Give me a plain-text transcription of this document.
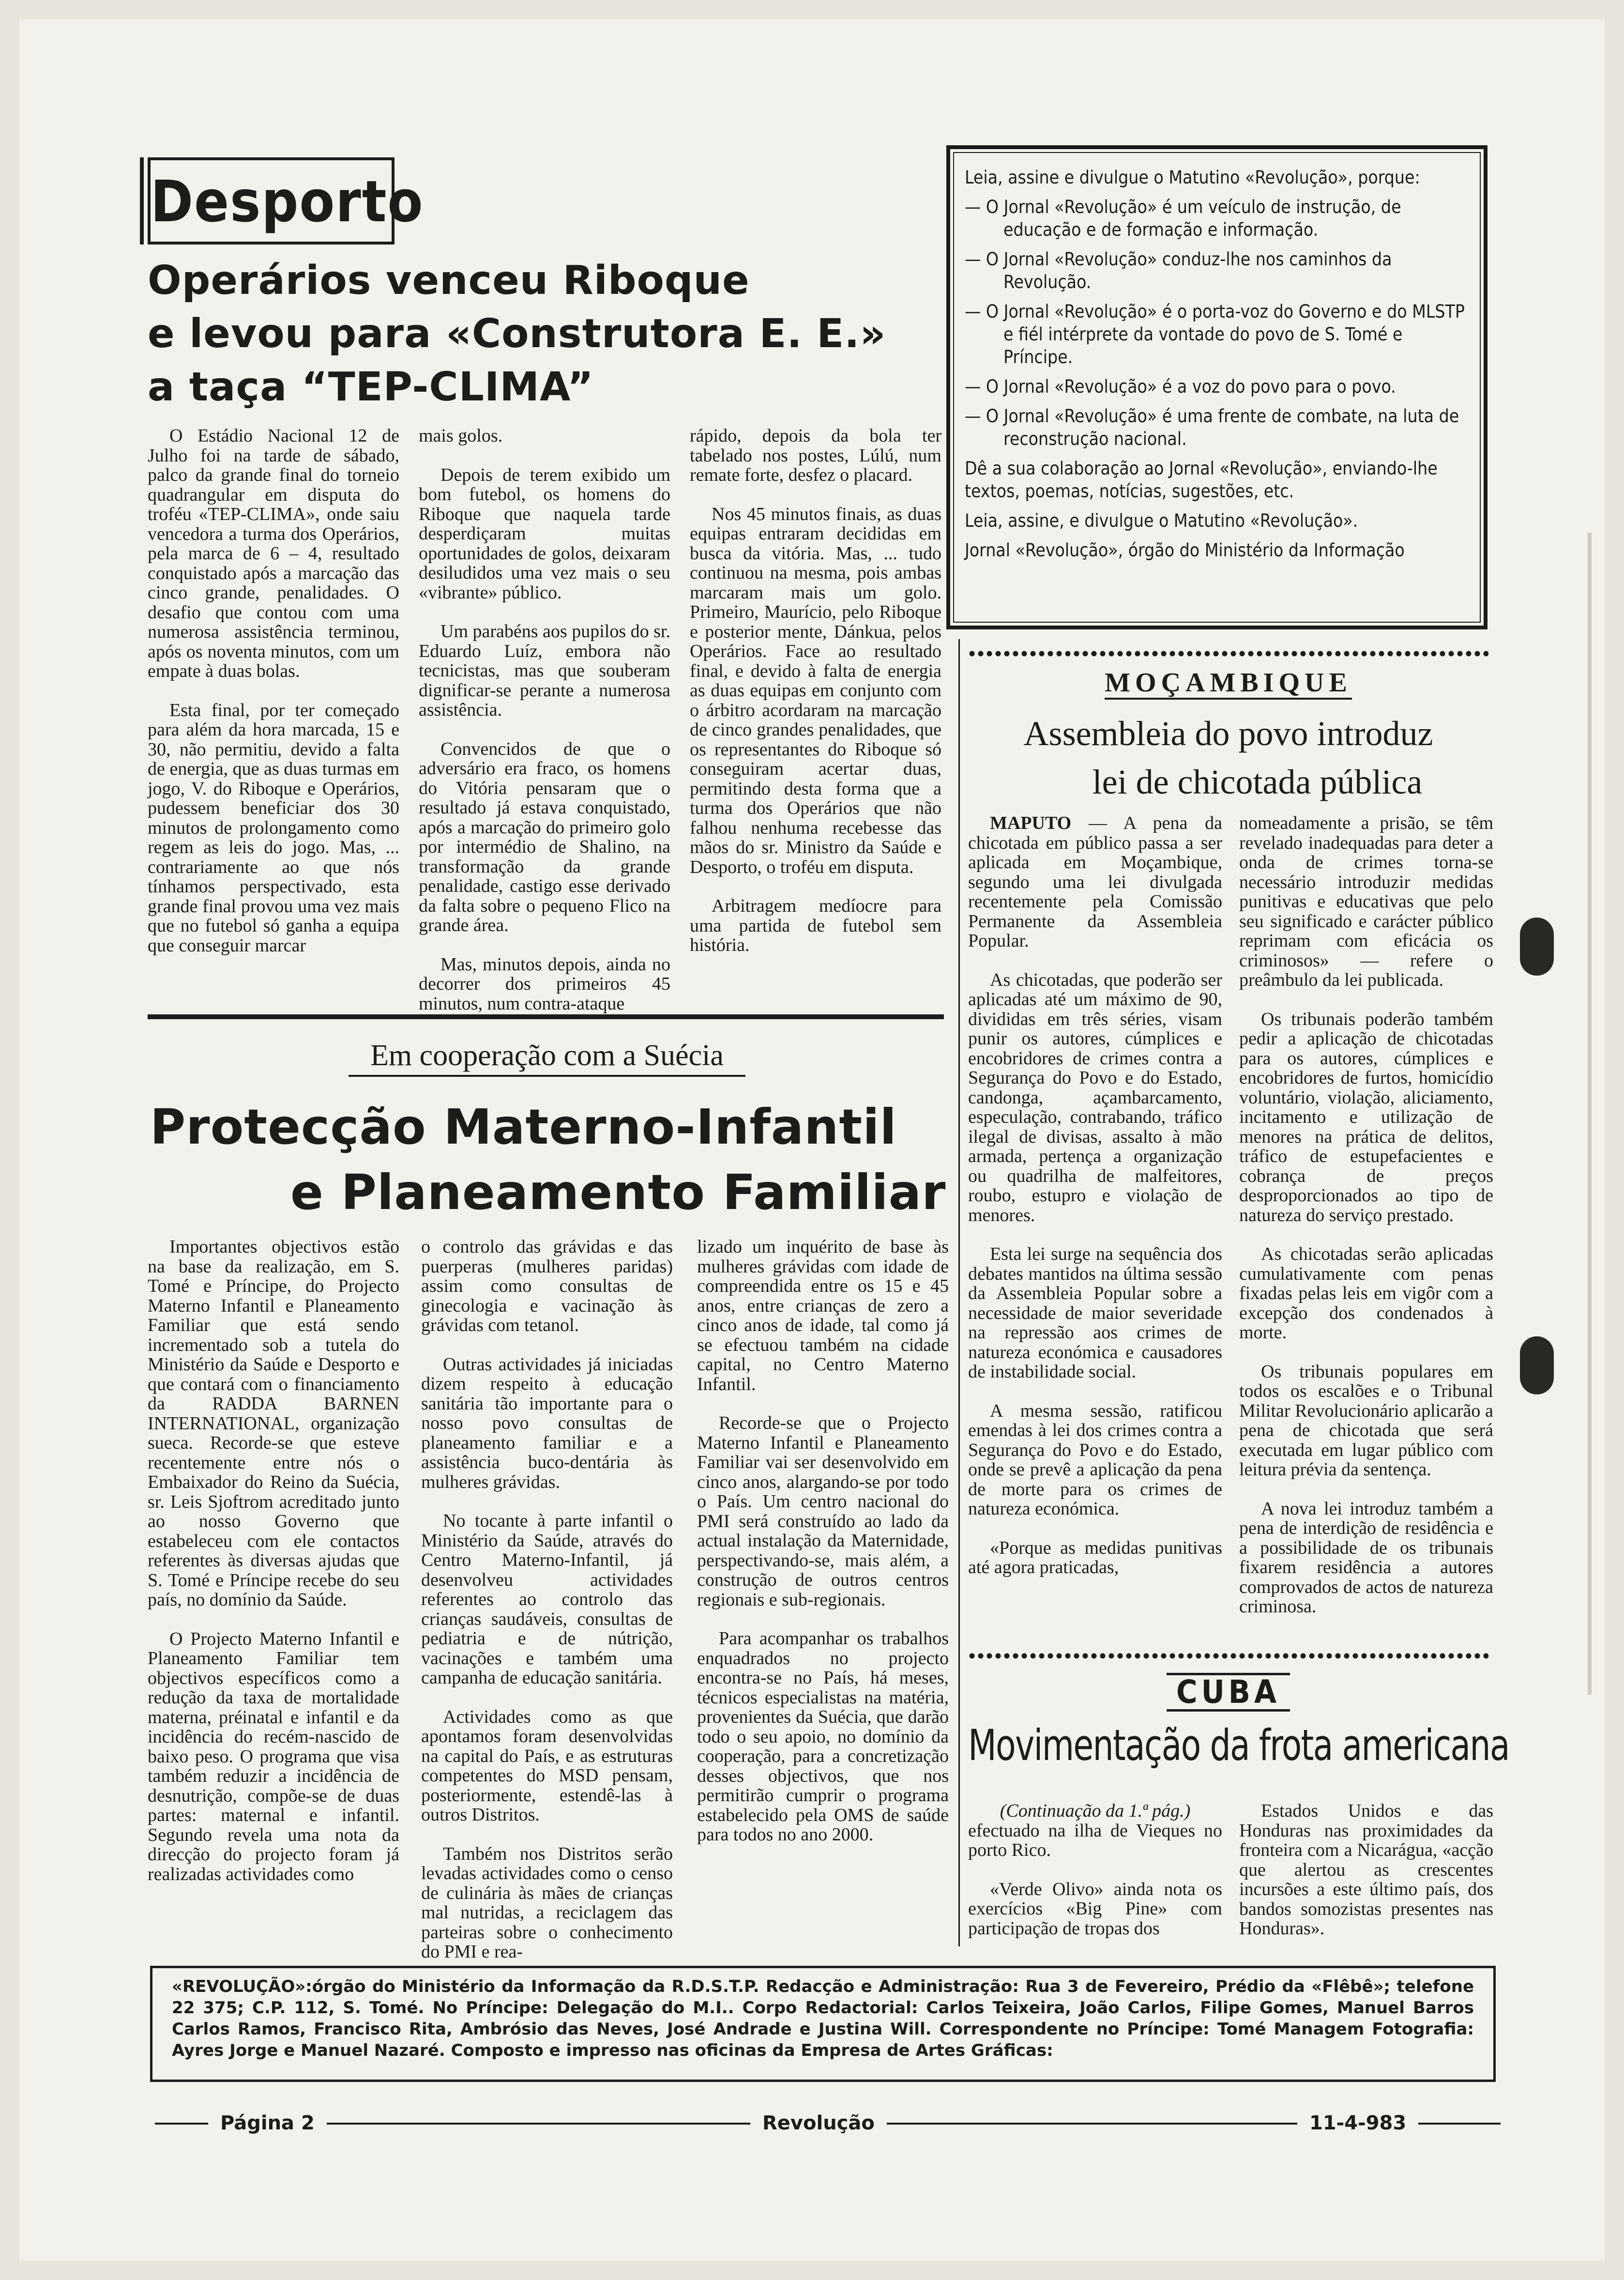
Desporto
Operários venceu Riboque
e levou para «Construtora E. E.»
a taça “TEP-CLIMA”

O Estádio Nacional 12 de Julho foi na tarde de sábado, palco da grande final do torneio quadrangular em disputa do troféu «TEP-CLIMA», onde saiu vencedora a turma dos Operários, pela marca de 6 – 4, resultado conquistado após a marcação das cinco grande, penalidades. O desafio que contou com uma numerosa assistência terminou, após os noventa minutos, com um empate à duas bolas.

Esta final, por ter começado para além da hora marcada, 15 e 30, não permitiu, devido a falta de energia, que as duas turmas em jogo, V. do Riboque e Operários, pudessem beneficiar dos 30 minutos de prolongamento como regem as leis do jogo. Mas, ... contrariamente ao que nós tínhamos perspectivado, esta grande final provou uma vez mais que no futebol só ganha a equipa que conseguir marcar

mais golos.

Depois de terem exibido um bom futebol, os homens do Riboque que naquela tarde desperdiçaram muitas oportunidades de golos, deixaram desiludidos uma vez mais o seu «vibrante» público.

Um parabéns aos pupilos do sr. Eduardo Luíz, embora não tecnicistas, mas que souberam dignificar-se perante a numerosa assistência.

Convencidos de que o adversário era fraco, os homens do Vitória pensaram que o resultado já estava conquistado, após a marcação do primeiro golo por intermédio de Shalino, na transformação da grande penalidade, castigo esse derivado da falta sobre o pequeno Flico na grande área.

Mas, minutos depois, ainda no decorrer dos primeiros 45 minutos, num contra-ataque

rápido, depois da bola ter tabelado nos postes, Lúlú, num remate forte, desfez o placard.

Nos 45 minutos finais, as duas equipas entraram decididas em busca da vitória. Mas, ... tudo continuou na mesma, pois ambas marcaram mais um golo. Primeiro, Maurício, pelo Riboque e posterior mente, Dánkua, pelos Operários. Face ao resultado final, e devido à falta de energia as duas equipas em conjunto com o árbitro acordaram na marcação de cinco grandes penalidades, que os representantes do Riboque só conseguiram acertar duas, permitindo desta forma que a turma dos Operários que não falhou nenhuma recebesse das mãos do sr. Ministro da Saúde e Desporto, o troféu em disputa.

Arbitragem medíocre para uma partida de futebol sem história.

Em cooperação com a Suécia
Protecção Materno-Infantil
e Planeamento Familiar

Importantes objectivos estão na base da realização, em S. Tomé e Príncipe, do Projecto Materno Infantil e Planeamento Familiar que está sendo incrementado sob a tutela do Ministério da Saúde e Desporto e que contará com o financiamento da RADDA BARNEN INTERNATIONAL, organização sueca. Recorde-se que esteve recentemente entre nós o Embaixador do Reino da Suécia, sr. Leis Sjoftrom acreditado junto ao nosso Governo que estabeleceu com ele contactos referentes às diversas ajudas que S. Tomé e Príncipe recebe do seu país, no domínio da Saúde.

O Projecto Materno Infantil e Planeamento Familiar tem objectivos específicos como a redução da taxa de mortalidade materna, préinatal e infantil e da incidência do recém-nascido de baixo peso. O programa que visa também reduzir a incidência de desnutrição, compõe-se de duas partes: maternal e infantil. Segundo revela uma nota da direcção do projecto foram já realizadas actividades como

o controlo das grávidas e das puerperas (mulheres paridas) assim como consultas de ginecologia e vacinação às grávidas com tetanol.

Outras actividades já iniciadas dizem respeito à educação sanitária tão importante para o nosso povo consultas de planeamento familiar e a assistência buco-dentária às mulheres grávidas.

No tocante à parte infantil o Ministério da Saúde, através do Centro Materno-Infantil, já desenvolveu actividades referentes ao controlo das crianças saudáveis, consultas de pediatria e de nútrição, vacinações e também uma campanha de educação sanitária.

Actividades como as que apontamos foram desenvolvidas na capital do País, e as estruturas competentes do MSD pensam, posteriormente, estendê-las à outros Distritos.

Também nos Distritos serão levadas actividades como o censo de culinária às mães de crianças mal nutridas, a reciclagem das parteiras sobre o conhecimento do PMI e rea-

lizado um inquérito de base às mulheres grávidas com idade de compreendida entre os 15 e 45 anos, entre crianças de zero a cinco anos de idade, tal como já se efectuou também na cidade capital, no Centro Materno Infantil.

Recorde-se que o Projecto Materno Infantil e Planeamento Familiar vai ser desenvolvido em cinco anos, alargando-se por todo o País. Um centro nacional do PMI será construído ao lado da actual instalação da Maternidade, perspectivando-se, mais além, a construção de outros centros regionais e sub-regionais.

Para acompanhar os trabalhos enquadrados no projecto encontra-se no País, há meses, técnicos especialistas na matéria, provenientes da Suécia, que darão todo o seu apoio, no domínio da cooperação, para a concretização desses objectivos, que nos permitirão cumprir o programa estabelecido pela OMS de saúde para todos no ano 2000.

Leia, assine e divulgue o Matutino «Revolução», porque:

— O Jornal «Revolução» é um veículo de instrução, de educação e de formação e informação.

— O Jornal «Revolução» conduz-lhe nos caminhos da Revolução.

— O Jornal «Revolução» é o porta-voz do Governo e do MLSTP e fiél intérprete da vontade do povo de S. Tomé e Príncipe.

— O Jornal «Revolução» é a voz do povo para o povo.

— O Jornal «Revolução» é uma frente de combate, na luta de reconstrução nacional.

Dê a sua colaboração ao Jornal «Revolução», enviando-lhe textos, poemas, notícias, sugestões, etc.

Leia, assine, e divulgue o Matutino «Revolução».

Jornal «Revolução», órgão do Ministério da Informação

MOÇAMBIQUE
Assembleia do povo introduz
lei de chicotada pública

MAPUTO — A pena da chicotada em público passa a ser aplicada em Moçambique, segundo uma lei divulgada recentemente pela Comissão Permanente da Assembleia Popular.

As chicotadas, que poderão ser aplicadas até um máximo de 90, divididas em três séries, visam punir os autores, cúmplices e encobridores de crimes contra a Segurança do Povo e do Estado, candonga, açambarcamento, especulação, contrabando, tráfico ilegal de divisas, assalto à mão armada, pertença a organização ou quadrilha de malfeitores, roubo, estupro e violação de menores.

Esta lei surge na sequência dos debates mantidos na última sessão da Assembleia Popular sobre a necessidade de maior severidade na repressão aos crimes de natureza económica e causadores de instabilidade social.

A mesma sessão, ratificou emendas à lei dos crimes contra a Segurança do Povo e do Estado, onde se prevê a aplicação da pena de morte para os crimes de natureza económica.

«Porque as medidas punitivas até agora praticadas,

nomeadamente a prisão, se têm revelado inadequadas para deter a onda de crimes torna-se necessário introduzir medidas punitivas e educativas que pelo seu significado e carácter público reprimam com eficácia os criminosos» — refere o preâmbulo da lei publicada.

Os tribunais poderão também pedir a aplicação de chicotadas para os autores, cúmplices e encobridores de furtos, homicídio voluntário, violação, aliciamento, incitamento e utilização de menores na prática de delitos, tráfico de estupefacientes e cobrança de preços desproporcionados ao tipo de natureza do serviço prestado.

As chicotadas serão aplicadas cumulativamente com penas fixadas pelas leis em vigôr com a excepção dos condenados à morte.

Os tribunais populares em todos os escalões e o Tribunal Militar Revolucionário aplicarão a pena de chicotada que será executada em lugar público com leitura prévia da sentença.

A nova lei introduz também a pena de interdição de residência e a possibilidade de os tribunais fixarem residência a autores comprovados de actos de natureza criminosa.

CUBA
Movimentação da frota americana

(Continuação da 1.ª pág.)

efectuado na ilha de Vieques no porto Rico.

«Verde Olivo» ainda nota os exercícios «Big Pine» com participação de tropas dos

Estados Unidos e das Honduras nas proximidades da fronteira com a Nicarágua, «acção que alertou as crescentes incursões a este último país, dos bandos somozistas presentes nas Honduras».

«REVOLUÇÃO»:órgão do Ministério da Informação da R.D.S.T.P. Redacção e Administração: Rua 3 de Fevereiro, Prédio da «Flêbê»; telefone 22 375; C.P. 112, S. Tomé. No Príncipe: Delegação do M.I.. Corpo Redactorial: Carlos Teixeira, João Carlos, Filipe Gomes, Manuel Barros Carlos Ramos, Francisco Rita, Ambrósio das Neves, José Andrade e Justina Will. Correspondente no Príncipe: Tomé Managem Fotografia: Ayres Jorge e Manuel Nazaré. Composto e impresso nas oficinas da Empresa de Artes Gráficas:
Página 2	Revolução	11-4-983
